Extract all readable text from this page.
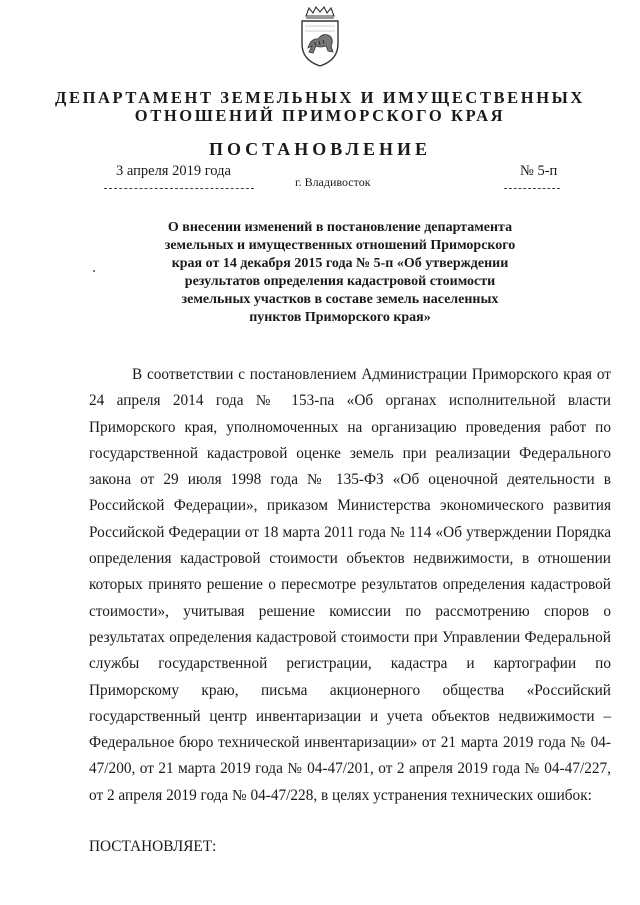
ДЕПАРТАМЕНТ ЗЕМЕЛЬНЫХ И ИМУЩЕСТВЕННЫХ
ОТНОШЕНИЙ ПРИМОРСКОГО КРАЯ
ПОСТАНОВЛЕНИЕ
3 апреля 2019 года
г. Владивосток
№ 5-п
О внесении изменений в постановление департамента
земельных и имущественных отношений Приморского
края от 14 декабря 2015 года № 5-п «Об утверждении
результатов определения кадастровой стоимости
земельных участков в составе земель населенных
пунктов Приморского края»

В соответствии с постановлением Администрации Приморского края от 24 апреля 2014 года № 153-па «Об органах исполнительной власти Приморского края, уполномоченных на организацию проведения работ по государственной кадастровой оценке земель при реализации Федерального закона от 29 июля 1998 года № 135-ФЗ «Об оценочной деятельности в Российской Федерации», приказом Министерства экономического развития Российской Федерации от 18 марта 2011 года № 114 «Об утверждении Порядка определения кадастровой стоимости объектов недвижимости, в отношении которых принято решение о пересмотре результатов определения кадастровой стоимости», учитывая решение комиссии по рассмотрению споров о результатах определения кадастровой стоимости при Управлении Федеральной службы государственной регистрации, кадастра и картографии по Приморскому краю, письма акционерного общества «Российский государственный центр инвентаризации и учета объектов недвижимости – Федеральное бюро технической инвентаризации» от 21 марта 2019 года № 04-47/200, от 21 марта 2019 года № 04-47/201, от 2 апреля 2019 года № 04-47/227, от 2 апреля 2019 года № 04-47/228, в целях устранения технических ошибок:

ПОСТАНОВЛЯЕТ:
